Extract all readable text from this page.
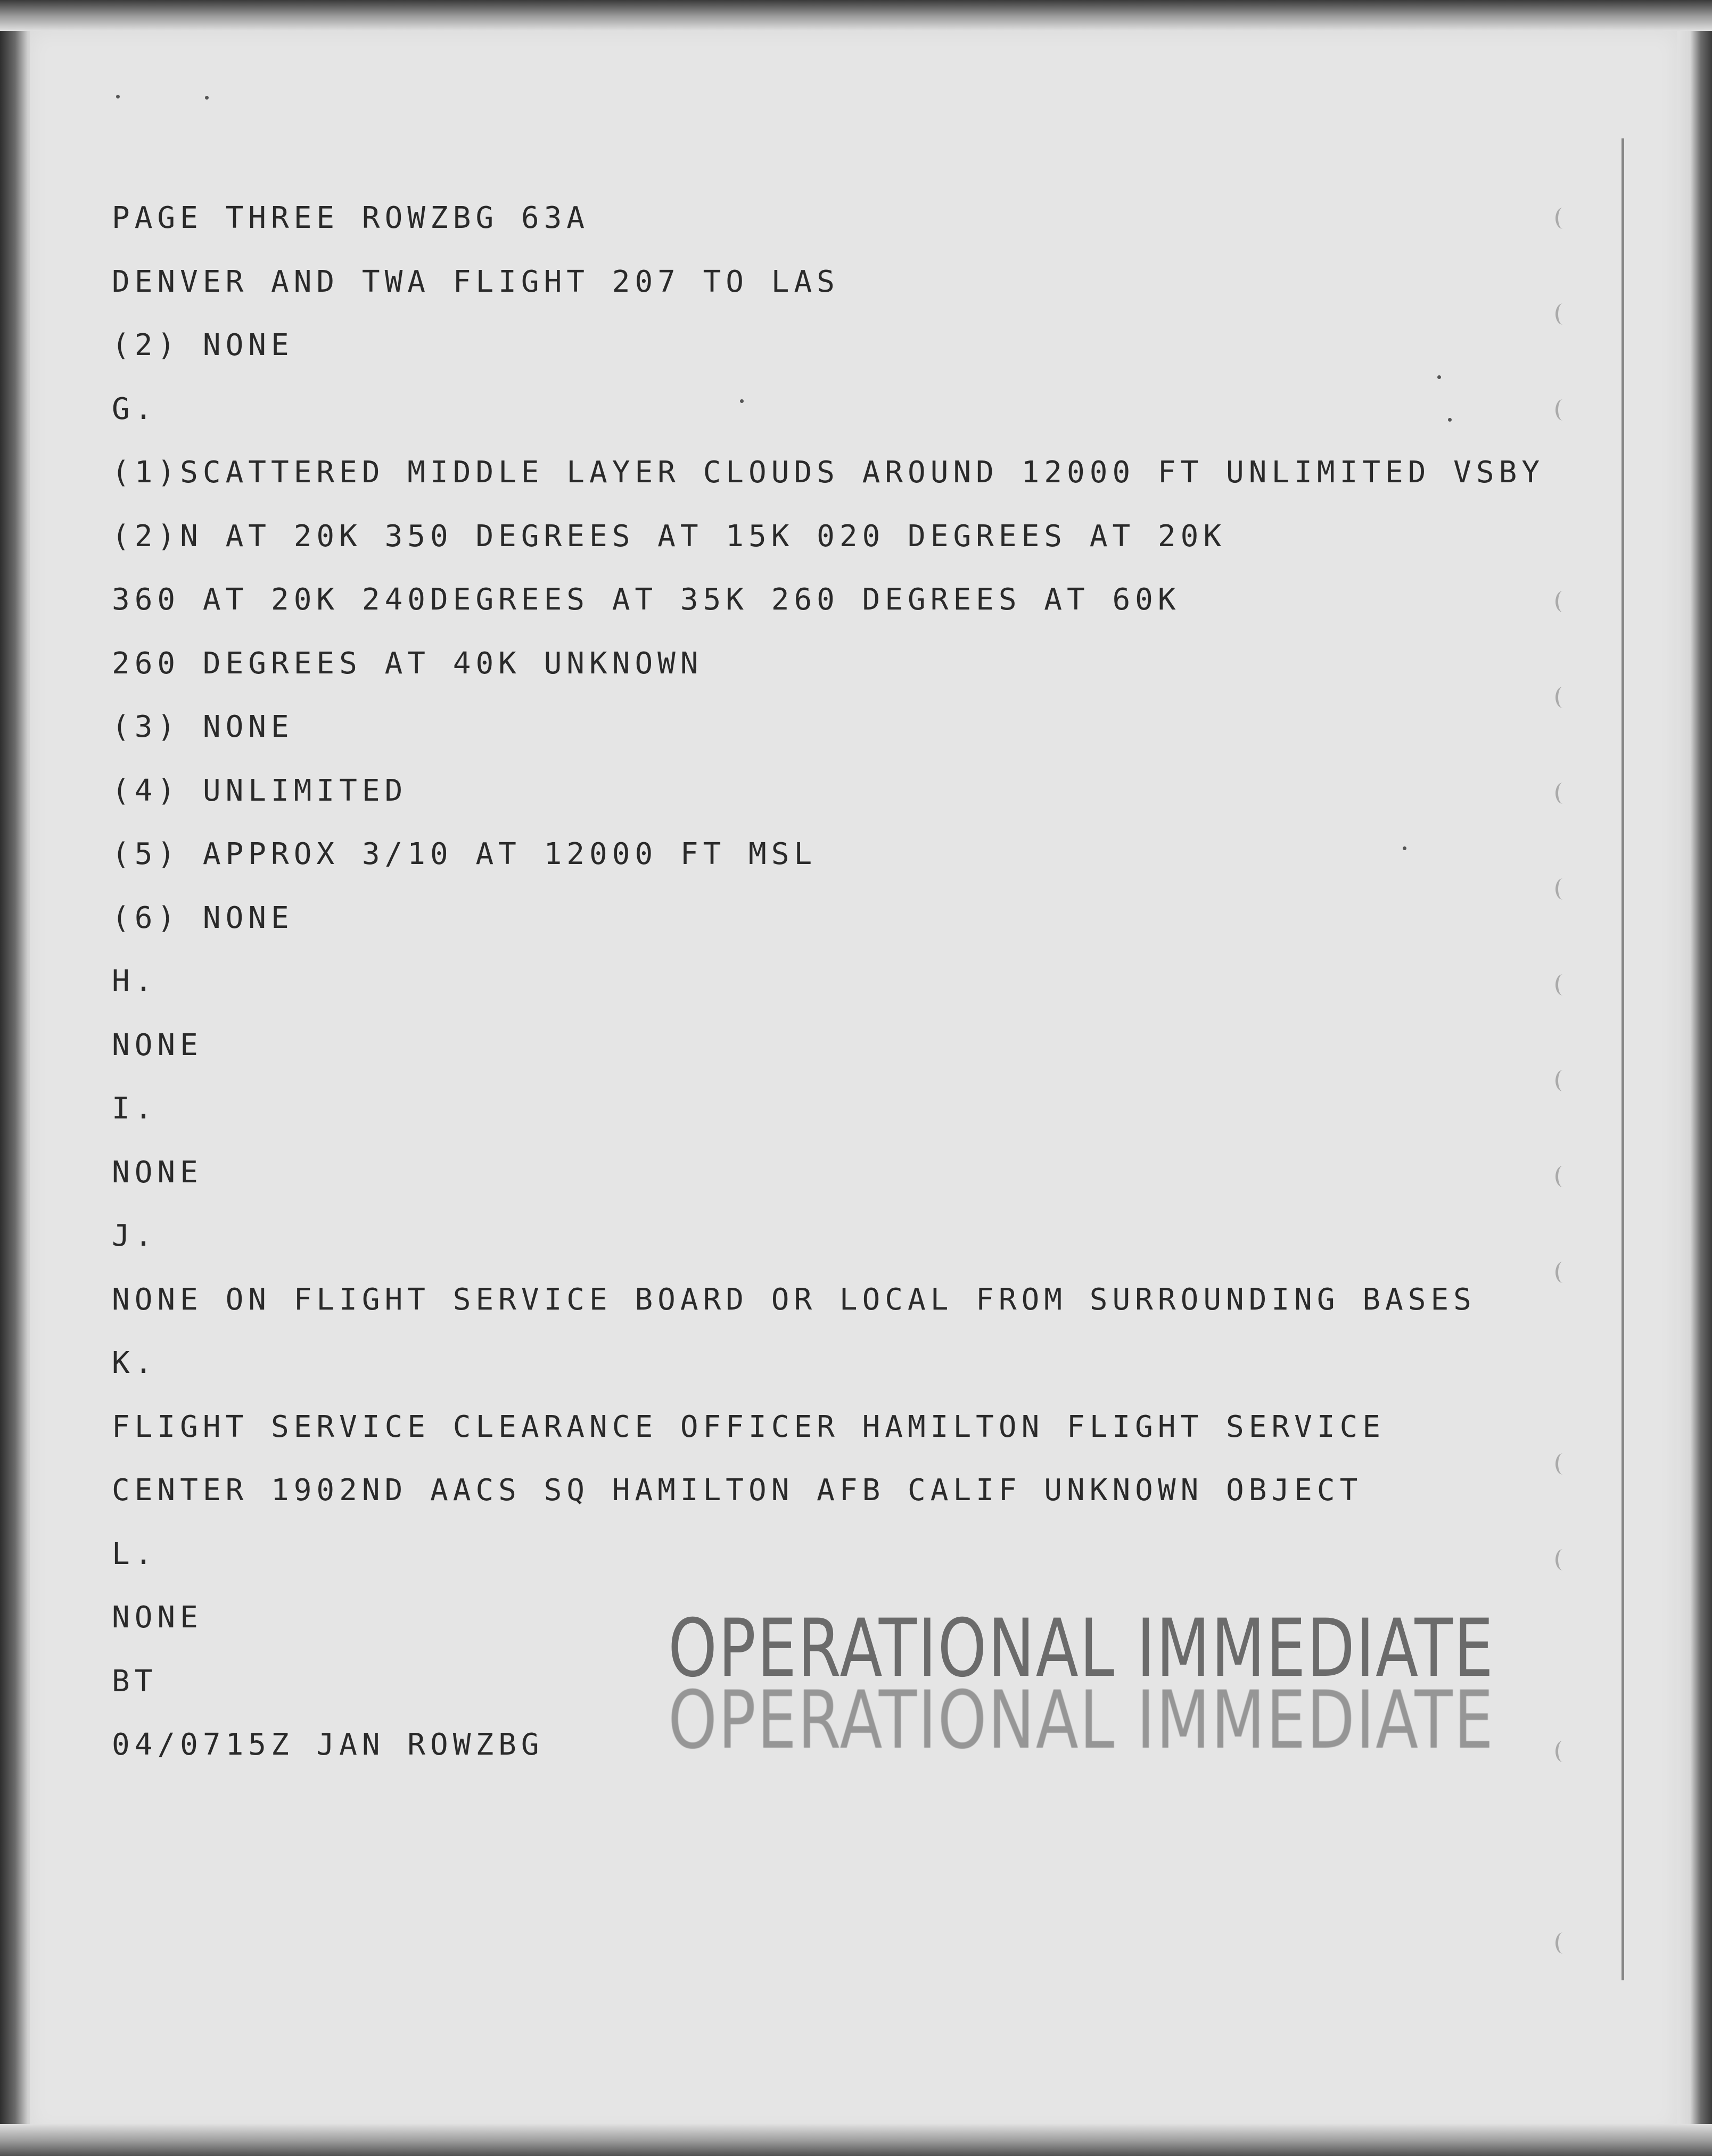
PAGE THREE ROWZBG 63A
DENVER AND TWA FLIGHT 207 TO LAS
(2) NONE
G.
(1)SCATTERED MIDDLE LAYER CLOUDS AROUND 12000 FT UNLIMITED VSBY
(2)N AT 20K 350 DEGREES AT 15K 020 DEGREES AT 20K
360 AT 20K 240DEGREES AT 35K 260 DEGREES AT 60K
260 DEGREES AT 40K UNKNOWN
(3) NONE
(4) UNLIMITED
(5) APPROX 3/10 AT 12000 FT MSL
(6) NONE
H.
NONE
I.
NONE
J.
NONE ON FLIGHT SERVICE BOARD OR LOCAL FROM SURROUNDING BASES
K.
FLIGHT SERVICE CLEARANCE OFFICER HAMILTON FLIGHT SERVICE
CENTER 1902ND AACS SQ HAMILTON AFB CALIF UNKNOWN OBJECT
L.
NONE
BT
04/0715Z JAN ROWZBG
OPERATIONAL IMMEDIATE
OPERATIONAL IMMEDIATE
